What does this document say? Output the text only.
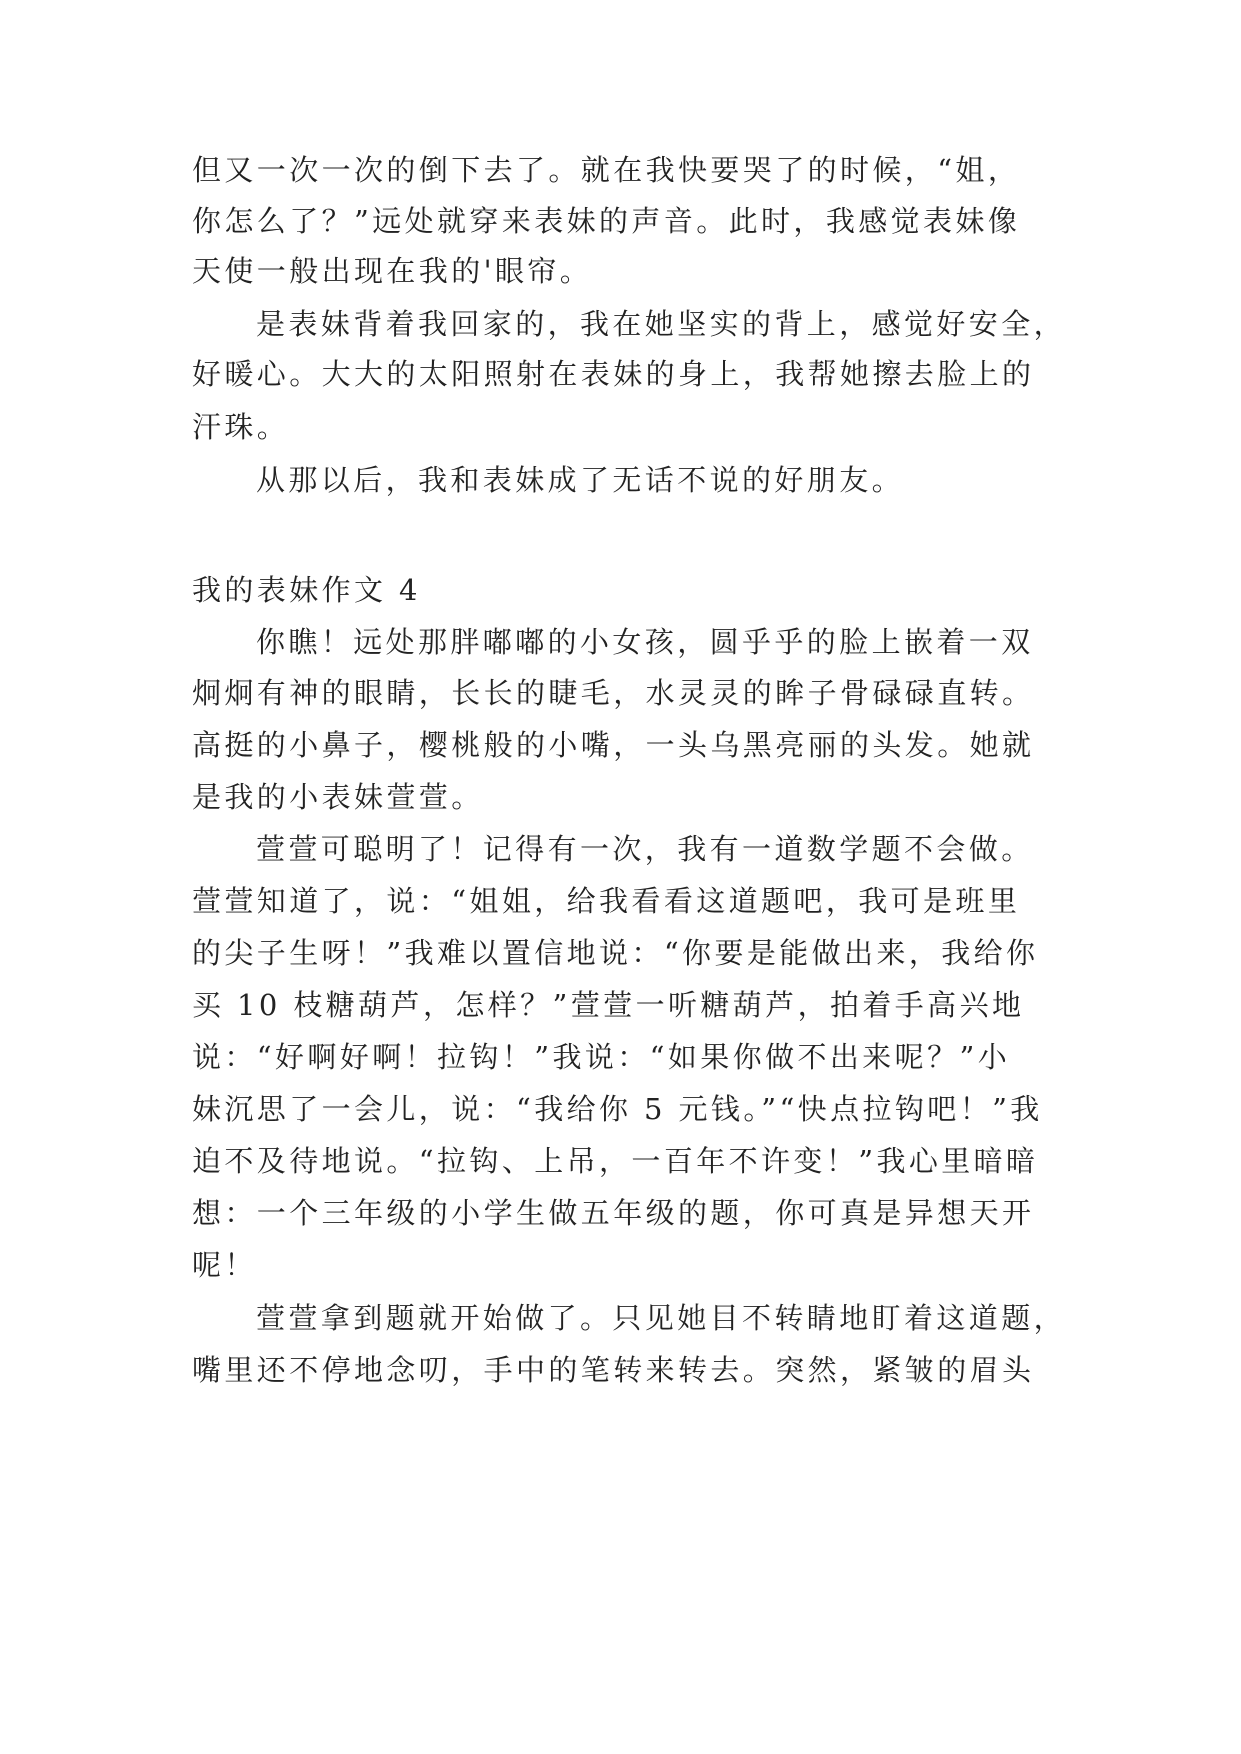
但又一次一次的倒下去了。就在我快要哭了的时候，“姐，
你怎么了？”远处就穿来表妹的声音。此时，我感觉表妹像
天使一般出现在我的'眼帘。
是表妹背着我回家的，我在她坚实的背上，感觉好安全，
好暖心。大大的太阳照射在表妹的身上，我帮她擦去脸上的
汗珠。
从那以后，我和表妹成了无话不说的好朋友。
我的表妹作文 4
你瞧！远处那胖嘟嘟的小女孩，圆乎乎的脸上嵌着一双
炯炯有神的眼睛，长长的睫毛，水灵灵的眸子骨碌碌直转。
高挺的小鼻子，樱桃般的小嘴，一头乌黑亮丽的头发。她就
是我的小表妹萱萱。
萱萱可聪明了！记得有一次，我有一道数学题不会做。
萱萱知道了，说：“姐姐，给我看看这道题吧，我可是班里
的尖子生呀！”我难以置信地说：“你要是能做出来，我给你
买 10 枝糖葫芦，怎样？”萱萱一听糖葫芦，拍着手高兴地
说：“好啊好啊！拉钩！”我说：“如果你做不出来呢？”小
妹沉思了一会儿，说：“我给你 5 元钱。”“快点拉钩吧！”我
迫不及待地说。“拉钩、上吊，一百年不许变！”我心里暗暗
想：一个三年级的小学生做五年级的题，你可真是异想天开
呢！
萱萱拿到题就开始做了。只见她目不转睛地盯着这道题，
嘴里还不停地念叨，手中的笔转来转去。突然，紧皱的眉头
